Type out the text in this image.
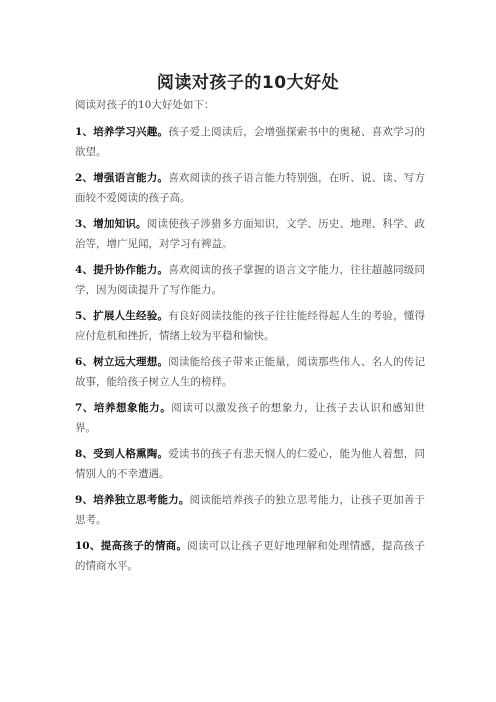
阅读对孩子的10大好处
阅读对孩子的10大好处如下：
1、培养学习兴趣。孩子爱上阅读后，会增强探索书中的奥秘、喜欢学习的欲望。
2、增强语言能力。喜欢阅读的孩子语言能力特别强，在听、说、读、写方面较不爱阅读的孩子高。
3、增加知识。阅读使孩子涉猎多方面知识，文学、历史、地理、科学、政治等，增广见闻，对学习有裨益。
4、提升协作能力。喜欢阅读的孩子掌握的语言文字能力，往往超越同级同学，因为阅读提升了写作能力。
5、扩展人生经验。有良好阅读技能的孩子往往能经得起人生的考验，懂得应付危机和挫折，情绪上较为平稳和愉快。
6、树立远大理想。阅读能给孩子带来正能量，阅读那些伟人、名人的传记故事，能给孩子树立人生的榜样。
7、培养想象能力。阅读可以激发孩子的想象力，让孩子去认识和感知世界。
8、受到人格熏陶。爱读书的孩子有悲天悯人的仁爱心，能为他人着想，同情别人的不幸遭遇。
9、培养独立思考能力。阅读能培养孩子的独立思考能力，让孩子更加善于思考。
10、提高孩子的情商。阅读可以让孩子更好地理解和处理情感，提高孩子的情商水平。
